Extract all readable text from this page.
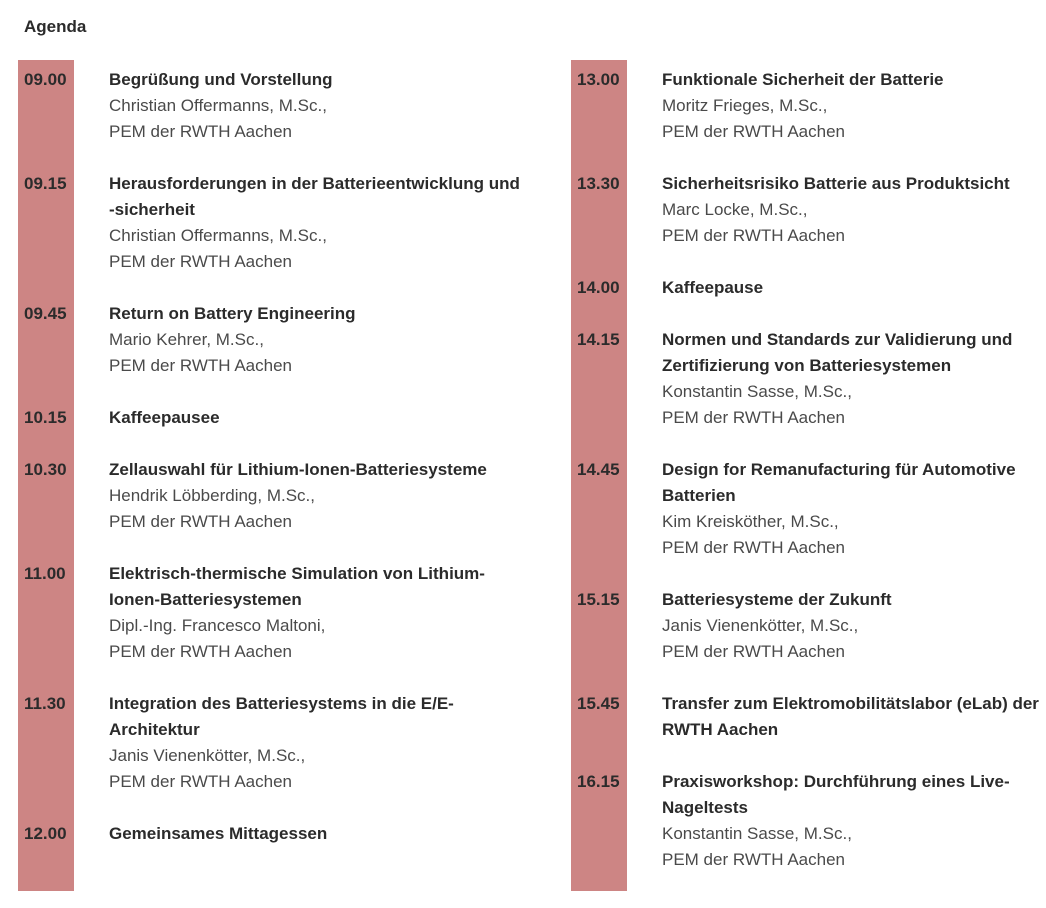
Agenda
09.00 Begrüßung und Vorstellung
Christian Offermanns, M.Sc.,
PEM der RWTH Aachen
09.15 Herausforderungen in der Batterieentwicklung und -sicherheit
Christian Offermanns, M.Sc.,
PEM der RWTH Aachen
09.45 Return on Battery Engineering
Mario Kehrer, M.Sc.,
PEM der RWTH Aachen
10.15 Kaffeepausee
10.30 Zellauswahl für Lithium-Ionen-Batteriesysteme
Hendrik Löbberding, M.Sc.,
PEM der RWTH Aachen
11.00	Elektrisch-thermische Simulation von Lithium-Ionen-Batteriesystemen
Dipl.-Ing. Francesco Maltoni,
PEM der RWTH Aachen
11.30	Integration des Batteriesystems in die E/E-Architektur
Janis Vienenkötter, M.Sc.,
PEM der RWTH Aachen
12.00 Gemeinsames Mittagessen
13.00 Funktionale Sicherheit der Batterie
Moritz Frieges, M.Sc.,
PEM der RWTH Aachen
13.30 Sicherheitsrisiko Batterie aus Produktsicht
Marc Locke, M.Sc.,
PEM der RWTH Aachen
14.00 Kaffeepause
14.15 Normen und Standards zur Validierung und Zertifizierung von Batteriesystemen
Konstantin Sasse, M.Sc.,
PEM der RWTH Aachen
14.45 Design for Remanufacturing für Automotive Batterien
Kim Kreisköther, M.Sc.,
PEM der RWTH Aachen
15.15 Batteriesysteme der Zukunft
Janis Vienenkötter, M.Sc.,
PEM der RWTH Aachen
15.45 Transfer zum Elektromobilitätslabor (eLab) der RWTH Aachen
16.15 Praxisworkshop: Durchführung eines Live-Nageltests
Konstantin Sasse, M.Sc.,
PEM der RWTH Aachen
